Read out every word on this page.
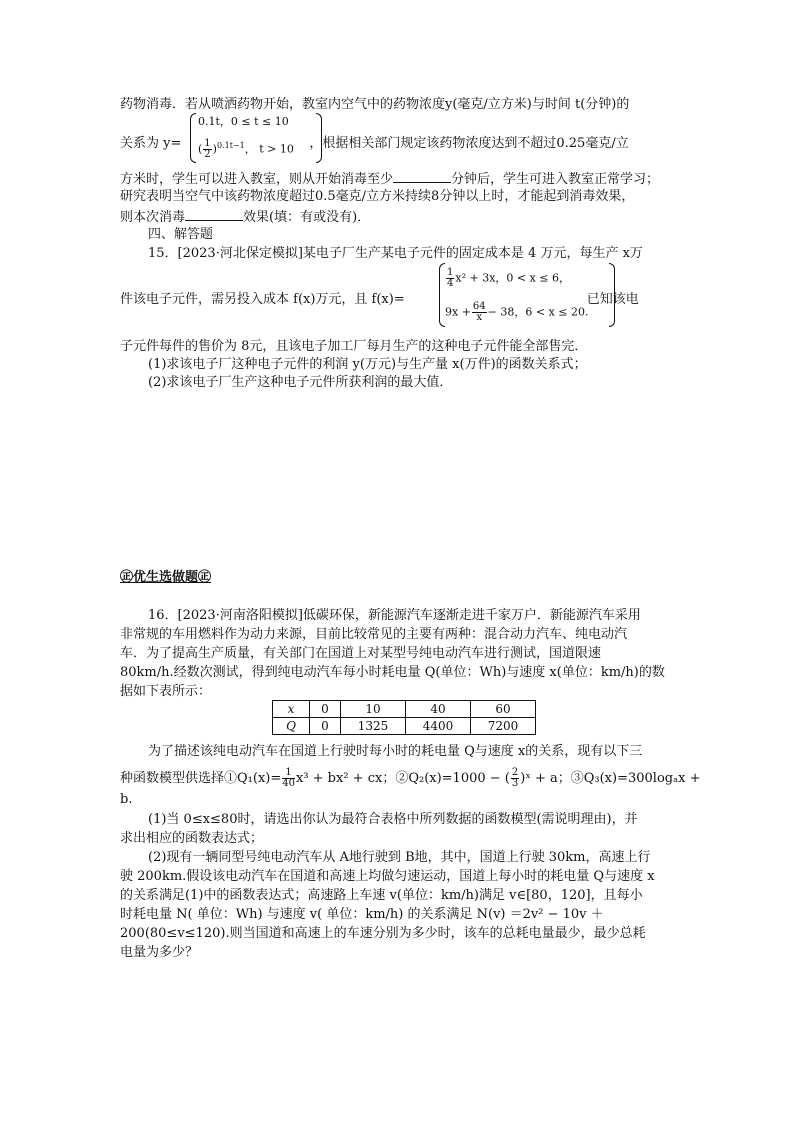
药物消毒．若从喷洒药物开始，教室内空气中的药物浓度y(毫克/立方米)与时间 t(分钟)的
关系为 y=	，根据相关部门规定该药物浓度达到不超过0.25毫克/立
0.1t，0 ≤ t ≤ 10
( $\frac{1}{2} )^{0.1t-1}$， t > 10
方米时，学生可以进入教室，则从开始消毒至少	分钟后，学生可进入教室正常学习；
研究表明当空气中该药物浓度超过0.5毫克/立方米持续8分钟以上时，才能起到消毒效果，
则本次消毒	效果(填：有或没有)．
四、解答题
15．[2023·河北保定模拟]某电子厂生产某电子元件的固定成本是 4 万元，每生产 x万
件该电子元件，需另投入成本 f(x)万元，且 f(x)=	已知该电
$\frac{1}{4} x^2 + 3x$，0 < x ≤ 6，
$9x + \frac{64}{x} - 38$，6 < x ≤ 20.
子元件每件的售价为 8元，且该电子加工厂每月生产的这种电子元件能全部售完．
(1)求该电子厂这种电子元件的利润 y(万元)与生产量 x(万件)的函数关系式；
(2)求该电子厂生产这种电子元件所获利润的最大值．
㊣优生选做题㊣
16．[2023·河南洛阳模拟]低碳环保，新能源汽车逐渐走进千家万户．新能源汽车采用
非常规的车用燃料作为动力来源，目前比较常见的主要有两种：混合动力汽车、纯电动汽
车．为了提高生产质量，有关部门在国道上对某型号纯电动汽车进行测试，国道限速
80km/h.经数次测试，得到纯电动汽车每小时耗电量 Q(单位：Wh)与速度 x(单位：km/h)的数
据如下表所示：
x	0	10	40	60
Q	0	1325	4400	7200
为了描述该纯电动汽车在国道上行驶时每小时的耗电量 Q与速度 x的关系，现有以下三
种函数模型供选择①Q₁(x)= $\frac{1}{40} x^3 + bx^2$ + cx；②Q₂(x)=1000 − ( $\frac{2}{3}$ )ˣ + a；③Q₃(x)=300logₐx +
b.
(1)当 0≤x≤80时，请选出你认为最符合表格中所列数据的函数模型(需说明理由)，并
求出相应的函数表达式；
(2)现有一辆同型号纯电动汽车从 A地行驶到 B地，其中，国道上行驶 30km，高速上行
驶 200km.假设该电动汽车在国道和高速上均做匀速运动，国道上每小时的耗电量 Q与速度 x
的关系满足(1)中的函数表达式；高速路上车速 v(单位：km/h)满足 v∈[80，120]，且每小
时耗电量 N( 单位：Wh) 与速度 v( 单位：km/h) 的关系满足 N(v) ＝2v² − 10v ＋
200(80≤v≤120).则当国道和高速上的车速分别为多少时，该车的总耗电量最少，最少总耗
电量为多少？
